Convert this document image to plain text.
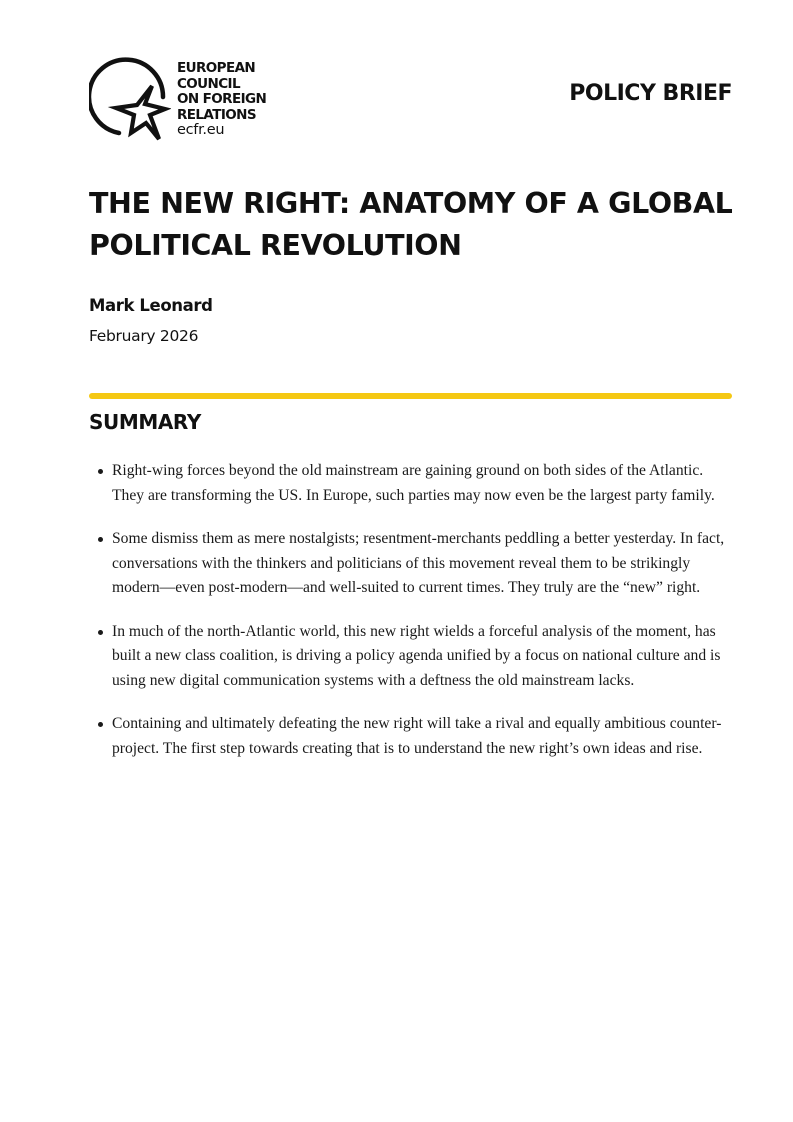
EUROPEAN
COUNCIL
ON FOREIGN
RELATIONS
ecfr.eu
POLICY BRIEF
THE NEW RIGHT: ANATOMY OF A GLOBAL POLITICAL REVOLUTION
Mark Leonard
February 2026
SUMMARY
Right-wing forces beyond the old mainstream are gaining ground on both sides of the Atlantic. They are transforming the US. In Europe, such parties may now even be the largest party family.
Some dismiss them as mere nostalgists; resentment-merchants peddling a better yesterday. In fact, conversations with the thinkers and politicians of this movement reveal them to be strikingly modern—even post-modern—and well-suited to current times. They truly are the “new” right.
In much of the north-Atlantic world, this new right wields a forceful analysis of the moment, has built a new class coalition, is driving a policy agenda unified by a focus on national culture and is using new digital communication systems with a deftness the old mainstream lacks.
Containing and ultimately defeating the new right will take a rival and equally ambitious counter-project. The first step towards creating that is to understand the new right’s own ideas and rise.
